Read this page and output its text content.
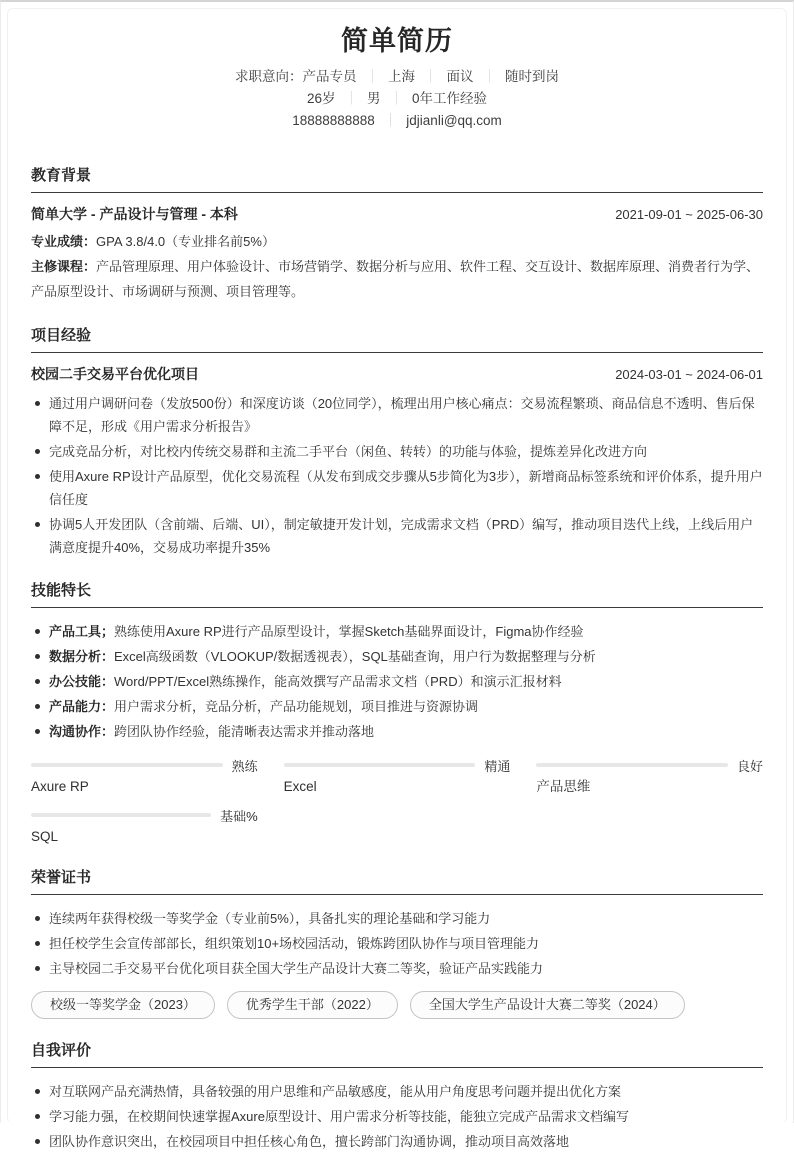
简单简历
求职意向：产品专员 ｜ 上海 ｜ 面议 ｜ 随时到岗
26岁 ｜ 男 ｜ 0年工作经验
18888888888 ｜ jdjianli@qq.com
教育背景
简单大学 - 产品设计与管理 - 本科	2021-09-01 ~ 2025-06-30
专业成绩：GPA 3.8/4.0（专业排名前5%）
主修课程：产品管理原理、用户体验设计、市场营销学、数据分析与应用、软件工程、交互设计、数据库原理、消费者行为学、产品原型设计、市场调研与预测、项目管理等。
项目经验
校园二手交易平台优化项目	2024-03-01 ~ 2024-06-01
通过用户调研问卷（发放500份）和深度访谈（20位同学），梳理出用户核心痛点：交易流程繁琐、商品信息不透明、售后保障不足，形成《用户需求分析报告》
完成竞品分析，对比校内传统交易群和主流二手平台（闲鱼、转转）的功能与体验，提炼差异化改进方向
使用Axure RP设计产品原型，优化交易流程（从发布到成交步骤从5步简化为3步），新增商品标签系统和评价体系，提升用户信任度
协调5人开发团队（含前端、后端、UI），制定敏捷开发计划，完成需求文档（PRD）编写，推动项目迭代上线，上线后用户满意度提升40%，交易成功率提升35%
技能特长
产品工具；熟练使用Axure RP进行产品原型设计，掌握Sketch基础界面设计，Figma协作经验
数据分析：Excel高级函数（VLOOKUP/数据透视表），SQL基础查询，用户行为数据整理与分析
办公技能：Word/PPT/Excel熟练操作，能高效撰写产品需求文档（PRD）和演示汇报材料
产品能力：用户需求分析，竞品分析，产品功能规划，项目推进与资源协调
沟通协作：跨团队协作经验，能清晰表达需求并推动落地
熟练
Axure RP
精通
Excel
良好
产品思维
基础%
SQL
荣誉证书
连续两年获得校级一等奖学金（专业前5%），具备扎实的理论基础和学习能力
担任校学生会宣传部部长，组织策划10+场校园活动，锻炼跨团队协作与项目管理能力
主导校园二手交易平台优化项目获全国大学生产品设计大赛二等奖，验证产品实践能力
校级一等奖学金（2023）	优秀学生干部（2022）	全国大学生产品设计大赛二等奖（2024）
自我评价
对互联网产品充满热情，具备较强的用户思维和产品敏感度，能从用户角度思考问题并提出优化方案
学习能力强，在校期间快速掌握Axure原型设计、用户需求分析等技能，能独立完成产品需求文档编写
团队协作意识突出，在校园项目中担任核心角色，擅长跨部门沟通协调，推动项目高效落地
